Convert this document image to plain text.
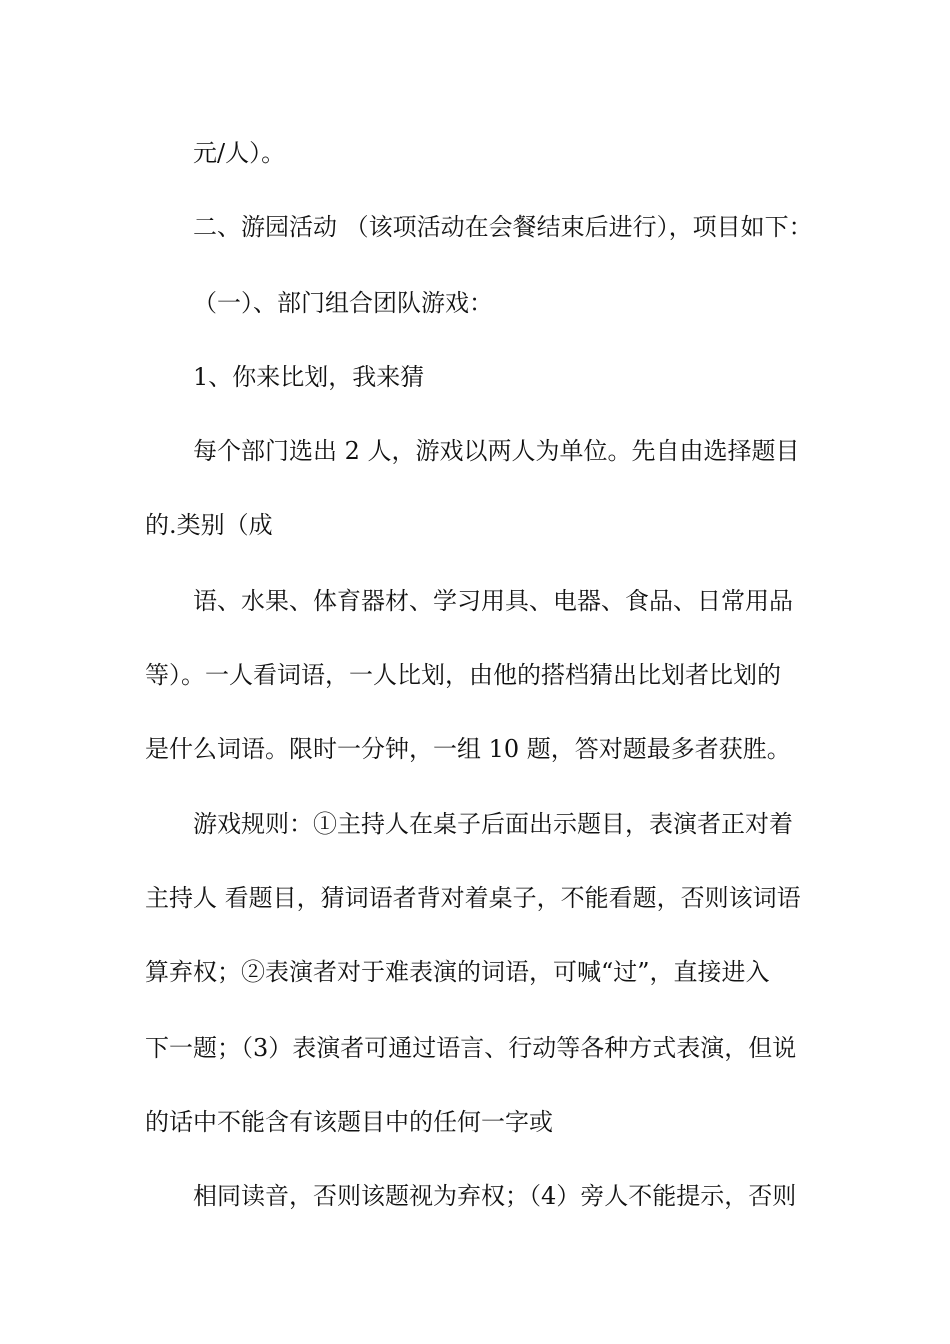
元/人）。
二、游园活动 （该项活动在会餐结束后进行），项目如下：
（一）、部门组合团队游戏：
1、你来比划，我来猜
每个部门选出 2 人，游戏以两人为单位。先自由选择题目
的.类别（成
语、水果、体育器材、学习用具、电器、食品、日常用品
等）。一人看词语，一人比划，由他的搭档猜出比划者比划的
是什么词语。限时一分钟，一组 10 题，答对题最多者获胜。
游戏规则：①主持人在桌子后面出示题目，表演者正对着
主持人 看题目，猜词语者背对着桌子，不能看题，否则该词语
算弃权；②表演者对于难表演的词语，可喊“过”，直接进入
下一题；（3）表演者可通过语言、行动等各种方式表演，但说
的话中不能含有该题目中的任何一字或
相同读音，否则该题视为弃权；（4）旁人不能提示，否则
